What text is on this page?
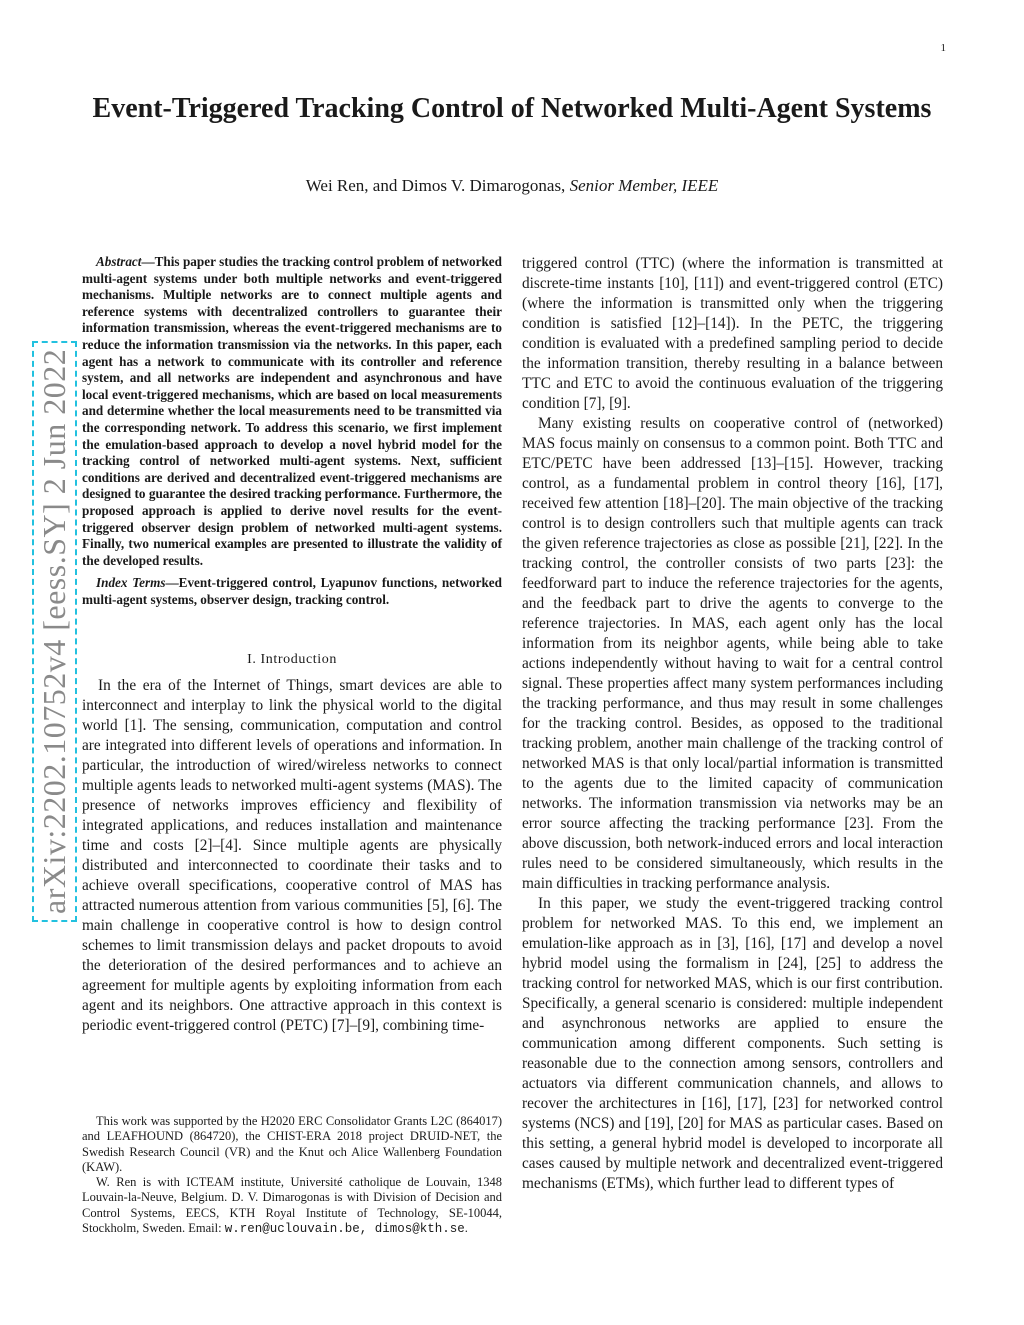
1
arXiv:2202.10752v4 [eess.SY] 2 Jun 2022
Event-Triggered Tracking Control of Networked Multi-Agent Systems
Wei Ren, and Dimos V. Dimarogonas, Senior Member, IEEE

Abstract—This paper studies the tracking control problem of networked multi-agent systems under both multiple networks and event-triggered mechanisms. Multiple networks are to connect multiple agents and reference systems with decentralized controllers to guarantee their information transmission, whereas the event-triggered mechanisms are to reduce the information transmission via the networks. In this paper, each agent has a network to communicate with its controller and reference system, and all networks are independent and asynchronous and have local event-triggered mechanisms, which are based on local measurements and determine whether the local measurements need to be transmitted via the corresponding network. To address this scenario, we first implement the emulation-based approach to develop a novel hybrid model for the tracking control of networked multi-agent systems. Next, sufficient conditions are derived and decentralized event-triggered mechanisms are designed to guarantee the desired tracking performance. Furthermore, the proposed approach is applied to derive novel results for the event-triggered observer design problem of networked multi-agent systems. Finally, two numerical examples are presented to illustrate the validity of the developed results.

Index Terms—Event-triggered control, Lyapunov functions, networked multi-agent systems, observer design, tracking control.

I. Introduction

In the era of the Internet of Things, smart devices are able to interconnect and interplay to link the physical world to the digital world [1]. The sensing, communication, computation and control are integrated into different levels of operations and information. In particular, the introduction of wired/wireless networks to connect multiple agents leads to networked multi-agent systems (MAS). The presence of networks improves efficiency and flexibility of integrated applications, and reduces installation and maintenance time and costs [2]–[4]. Since multiple agents are physically distributed and interconnected to coordinate their tasks and to achieve overall specifications, cooperative control of MAS has attracted numerous attention from various communities [5], [6]. The main challenge in cooperative control is how to design control schemes to limit transmission delays and packet dropouts to avoid the deterioration of the desired performances and to achieve an agreement for multiple agents by exploiting information from each agent and its neighbors. One attractive approach in this context is periodic event-triggered control (PETC) [7]–[9], combining time-

triggered control (TTC) (where the information is transmitted at discrete-time instants [10], [11]) and event-triggered control (ETC) (where the information is transmitted only when the triggering condition is satisfied [12]–[14]). In the PETC, the triggering condition is evaluated with a predefined sampling period to decide the information transition, thereby resulting in a balance between TTC and ETC to avoid the continuous evaluation of the triggering condition [7], [9].

Many existing results on cooperative control of (networked) MAS focus mainly on consensus to a common point. Both TTC and ETC/PETC have been addressed [13]–[15]. However, tracking control, as a fundamental problem in control theory [16], [17], received few attention [18]–[20]. The main objective of the tracking control is to design controllers such that multiple agents can track the given reference trajectories as close as possible [21], [22]. In the tracking control, the controller consists of two parts [23]: the feedforward part to induce the reference trajectories for the agents, and the feedback part to drive the agents to converge to the reference trajectories. In MAS, each agent only has the local information from its neighbor agents, while being able to take actions independently without having to wait for a central control signal. These properties affect many system performances including the tracking performance, and thus may result in some challenges for the tracking control. Besides, as opposed to the traditional tracking problem, another main challenge of the tracking control of networked MAS is that only local/partial information is transmitted to the agents due to the limited capacity of communication networks. The information transmission via networks may be an error source affecting the tracking performance [23]. From the above discussion, both network-induced errors and local interaction rules need to be considered simultaneously, which results in the main difficulties in tracking performance analysis.

In this paper, we study the event-triggered tracking control problem for networked MAS. To this end, we implement an emulation-like approach as in [3], [16], [17] and develop a novel hybrid model using the formalism in [24], [25] to address the tracking control for networked MAS, which is our first contribution. Specifically, a general scenario is considered: multiple independent and asynchronous networks are applied to ensure the communication among different components. Such setting is reasonable due to the connection among sensors, controllers and actuators via different communication channels, and allows to recover the architectures in [16], [17], [23] for networked control systems (NCS) and [19], [20] for MAS as particular cases. Based on this setting, a general hybrid model is developed to incorporate all cases caused by multiple network and decentralized event-triggered mechanisms (ETMs), which further lead to different types of

This work was supported by the H2020 ERC Consolidator Grants L2C (864017) and LEAFHOUND (864720), the CHIST-ERA 2018 project DRUID-NET, the Swedish Research Council (VR) and the Knut och Alice Wallenberg Foundation (KAW).

W. Ren is with ICTEAM institute, Université catholique de Louvain, 1348 Louvain-la-Neuve, Belgium. D. V. Dimarogonas is with Division of Decision and Control Systems, EECS, KTH Royal Institute of Technology, SE-10044, Stockholm, Sweden. Email: w.ren@uclouvain.be, dimos@kth.se.
